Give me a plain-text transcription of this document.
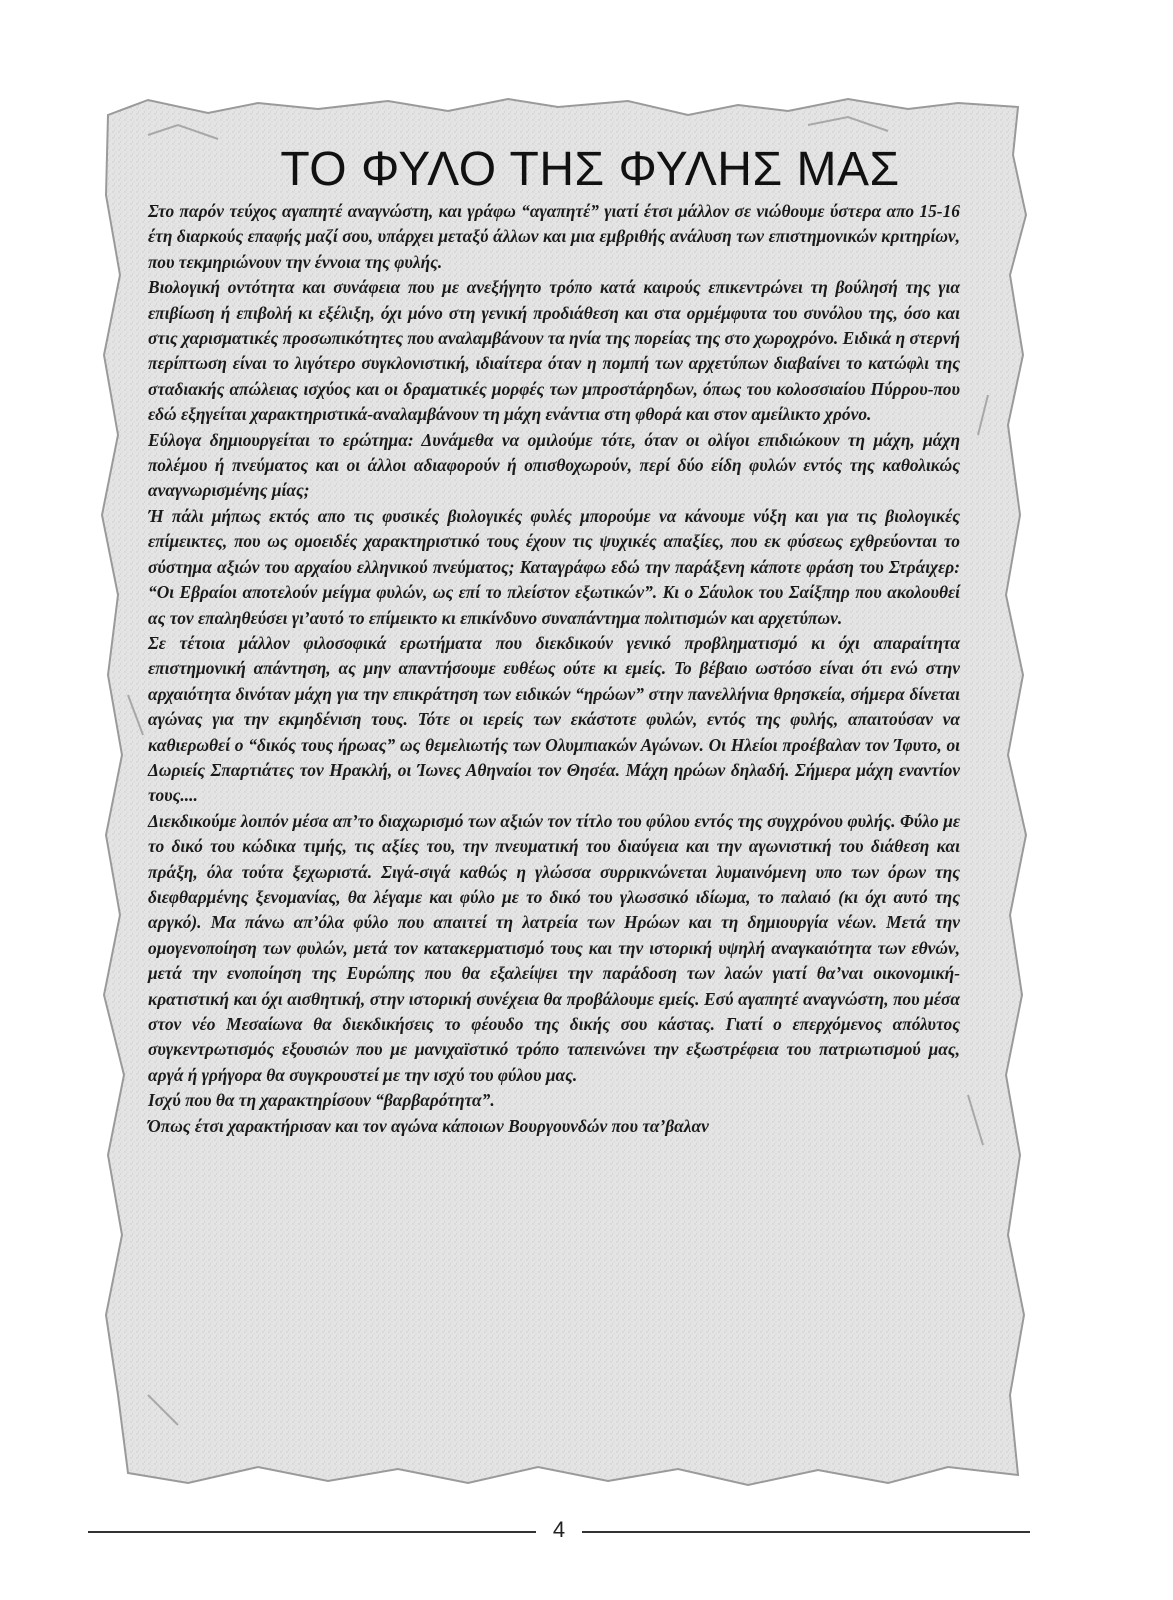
ΤΟ ΦΥΛΟ ΤΗΣ ΦΥΛΗΣ ΜΑΣ

Στο παρόν τεύχος αγαπητέ αναγνώστη, και γράφω “αγαπητέ” γιατί έτσι μάλλον σε νιώθουμε ύστερα απο 15-16 έτη διαρκούς επαφής μαζί σου, υπάρχει μεταξύ άλλων και μια εμβριθής ανάλυση των επιστημονικών κριτηρίων, που τεκμηριώνουν την έννοια της φυλής.

Βιολογική οντότητα και συνάφεια που με ανεξήγητο τρόπο κατά καιρούς επικεντρώνει τη βούλησή της για επιβίωση ή επιβολή κι εξέλιξη, όχι μόνο στη γενική προδιάθεση και στα ορμέμφυτα του συνόλου της, όσο και στις χαρισματικές προσωπικότητες που αναλαμβάνουν τα ηνία της πορείας της στο χωροχρόνο. Ειδικά η στερνή περίπτωση είναι το λιγότερο συγκλονιστική, ιδιαίτερα όταν η πομπή των αρχετύπων διαβαίνει το κατώφλι της σταδιακής απώλειας ισχύος και οι δραματικές μορφές των μπροστάρηδων, όπως του κολοσσιαίου Πύρρου-που εδώ εξηγείται χαρακτηριστικά-αναλαμβάνουν τη μάχη ενάντια στη φθορά και στον αμείλικτο χρόνο.

Εύλογα δημιουργείται το ερώτημα: Δυνάμεθα να ομιλούμε τότε, όταν οι ολίγοι επιδιώκουν τη μάχη, μάχη πολέμου ή πνεύματος και οι άλλοι αδιαφορούν ή οπισθοχωρούν, περί δύο είδη φυλών εντός της καθολικώς αναγνωρισμένης μίας;

Ή πάλι μήπως εκτός απο τις φυσικές βιολογικές φυλές μπορούμε να κάνουμε νύξη και για τις βιολογικές επίμεικτες, που ως ομοειδές χαρακτηριστικό τους έχουν τις ψυχικές απαξίες, που εκ φύσεως εχθρεύονται το σύστημα αξιών του αρχαίου ελληνικού πνεύματος; Καταγράφω εδώ την παράξενη κάποτε φράση του Στράιχερ: “Οι Εβραίοι αποτελούν μείγμα φυλών, ως επί το πλείστον εξωτικών”. Κι ο Σάυλοκ του Σαίξπηρ που ακολουθεί ας τον επαληθεύσει γι’αυτό το επίμεικτο κι επικίνδυνο συναπάντημα πολιτισμών και αρχετύπων.

Σε τέτοια μάλλον φιλοσοφικά ερωτήματα που διεκδικούν γενικό προβληματισμό κι όχι απαραίτητα επιστημονική απάντηση, ας μην απαντήσουμε ευθέως ούτε κι εμείς. Το βέβαιο ωστόσο είναι ότι ενώ στην αρχαιότητα δινόταν μάχη για την επικράτηση των ειδικών “ηρώων” στην πανελλήνια θρησκεία, σήμερα δίνεται αγώνας για την εκμηδένιση τους. Τότε οι ιερείς των εκάστοτε φυλών, εντός της φυλής, απαιτούσαν να καθιερωθεί ο “δικός τους ήρωας” ως θεμελιωτής των Ολυμπιακών Αγώνων. Οι Ηλείοι προέβαλαν τον Ίφυτο, οι Δωριείς Σπαρτιάτες τον Ηρακλή, οι Ίωνες Αθηναίοι τον Θησέα. Μάχη ηρώων δηλαδή. Σήμερα μάχη εναντίον τους....

Διεκδικούμε λοιπόν μέσα απ’το διαχωρισμό των αξιών τον τίτλο του φύλου εντός της συγχρόνου φυλής. Φύλο με το δικό του κώδικα τιμής, τις αξίες του, την πνευματική του διαύγεια και την αγωνιστική του διάθεση και πράξη, όλα τούτα ξεχωριστά. Σιγά-σιγά καθώς η γλώσσα συρρικνώνεται λυμαινόμενη υπο των όρων της διεφθαρμένης ξενομανίας, θα λέγαμε και φύλο με το δικό του γλωσσικό ιδίωμα, το παλαιό (κι όχι αυτό της αργκό). Μα πάνω απ’όλα φύλο που απαιτεί τη λατρεία των Ηρώων και τη δημιουργία νέων. Μετά την ομογενοποίηση των φυλών, μετά τον κατακερματισμό τους και την ιστορική υψηλή αναγκαιότητα των εθνών, μετά την ενοποίηση της Ευρώπης που θα εξαλείψει την παράδοση των λαών γιατί θα’ναι οικονομική-κρατιστική και όχι αισθητική, στην ιστορική συνέχεια θα προβάλουμε εμείς. Εσύ αγαπητέ αναγνώστη, που μέσα στον νέο Μεσαίωνα θα διεκδικήσεις το φέουδο της δικής σου κάστας. Γιατί ο επερχόμενος απόλυτος συγκεντρωτισμός εξουσιών που με μανιχαϊστικό τρόπο ταπεινώνει την εξωστρέφεια του πατριωτισμού μας, αργά ή γρήγορα θα συγκρουστεί με την ισχύ του φύλου μας.

Ισχύ που θα τη χαρακτηρίσουν “βαρβαρότητα”.

Όπως έτσι χαρακτήρισαν και τον αγώνα κάποιων Βουργουνδών που τα’βαλαν

4
